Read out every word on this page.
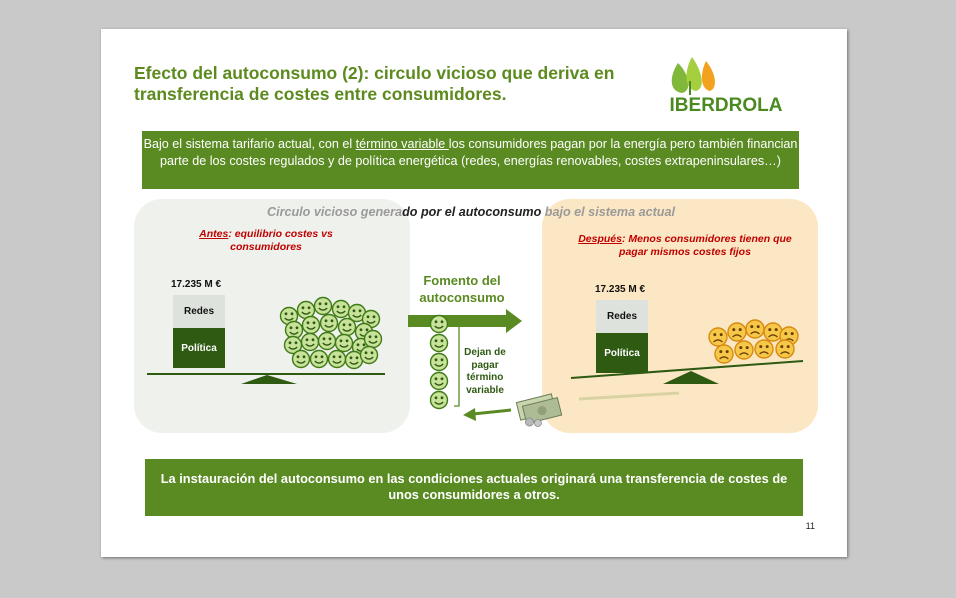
Efecto del autoconsumo (2): circulo vicioso que deriva en transferencia de costes entre consumidores.
IBERDROLA
Bajo el sistema tarifario actual, con el término variable los consumidores pagan por la energía pero también financian parte de los costes regulados y de política energética (redes, energías renovables, costes extrapeninsulares…)
Circulo vicioso generado por el autoconsumo bajo el sistema actual
Antes: equilibrio costes vs consumidores
Después: Menos consumidores tienen que pagar mismos costes fijos
17.235 M €
Redes
Política
17.235 M €
Redes
Política
Fomento del autoconsumo
Dejan de pagar término variable
La instauración del autoconsumo en las condiciones actuales originará una transferencia de costes de unos consumidores a otros.
11
